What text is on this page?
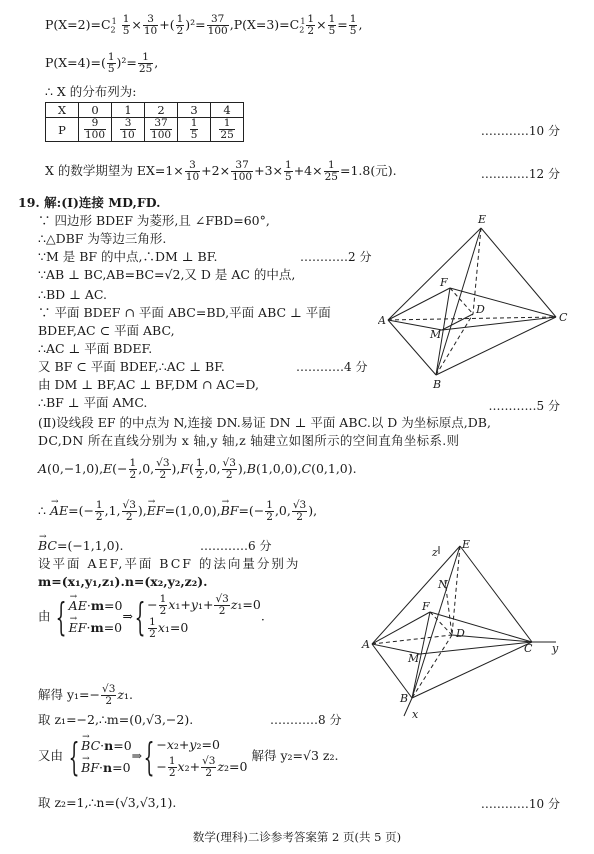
$P(X=2)=C_2^1 \frac{1}{5} \times \frac{3}{10}$ +( $\frac{1}{2} )^2= \frac{37}{100} ,P(X=3)=C_2^1 \frac{1}{2} \times \frac{1}{5} = \frac{1}{5}$ ,
$P(X=4)=( \frac{1}{5} )^2= \frac{1}{25}$ ,
∴ X 的分布列为:
X	0	1	2	3	4
P	$\frac{9}{100}$	$\frac{3}{10}$	$\frac{37}{100}$	$\frac{1}{5}$	$\frac{1}{25}$	…………10 分
X 的数学期望为 $EX=1\times \frac{3}{10} +2\times \frac{37}{100} +3\times \frac{1}{5} +4\times \frac{1}{25} =1.8$(元).	…………12 分
19. 解:(Ⅰ)连接 MD,FD.
∵ 四边形 BDEF 为菱形,且 ∠FBD=60°,
∴△DBF 为等边三角形.
∵M 是 BF 的中点,∴DM ⊥ BF.	…………2 分
∵AB ⊥ BC,AB=BC=√2,又 D 是 AC 的中点,
∴BD ⊥ AC.
∵ 平面 BDEF ∩ 平面 ABC=BD,平面 ABC ⊥ 平面
BDEF,AC ⊂ 平面 ABC,
∴AC ⊥ 平面 BDEF.
又 BF ⊂ 平面 BDEF,∴AC ⊥ BF.	…………4 分
由 DM ⊥ BF,AC ⊥ BF,DM ∩ AC=D,
∴BF ⊥ 平面 AMC.	…………5 分
E
F
D
A	C
M
B
(Ⅱ)设线段 EF 的中点为 N,连接 DN.易证 DN ⊥ 平面 ABC.以 D 为坐标原点,DB,
DC,DN 所在直线分别为 x 轴,y 轴,z 轴建立如图所示的空间直角坐标系.则
$A(0,-1,0),E(- \frac{1}{2} ,0$, $\frac{√3}{2} ),F( \frac{1}{2} ,0$, $\frac{√3}{2} ),B(1,0,0),C(0,1,0)$.
∴ → $AE=(- \frac{1}{2} ,1$, $\frac{√3}{2}$ ),→ $EF=(1,0,0),\to BF=(- \frac{1}{2} ,0$, $\frac{√3}{2}$ ),
→ BC=(−1,1,0).	…………6 分
设平面 AEF,平面 BCF 的法向量分别为
m=(x₁,y₁,z₁).n=(x₂,y₂,z₂).
由 { → AE·m=0
→ EF·m=0
⇒{ − $\frac{1}{2} x_1+y_1+ \frac{√3}{2} z_1=0$
$\frac{1}{2} x_1=0$
.
解得 $y_1=- \frac{√3}{2} z_1$.
取 z₁=−2,∴m=(0,√3,−2).	…………8 分
又由 { → BC·n=0
→ BF·n=0
⇒{ −x₂+y₂=0
− $\frac{1}{2} x_2+ \frac{√3}{2} z_2=0$
解得 y₂=√3 z₂.
取 z₂=1,∴n=(√3,√3,1).	…………10 分
z
E
N
F
D
A	C y
M
B
x
数学(理科)二诊参考答案第 2 页(共 5 页)
